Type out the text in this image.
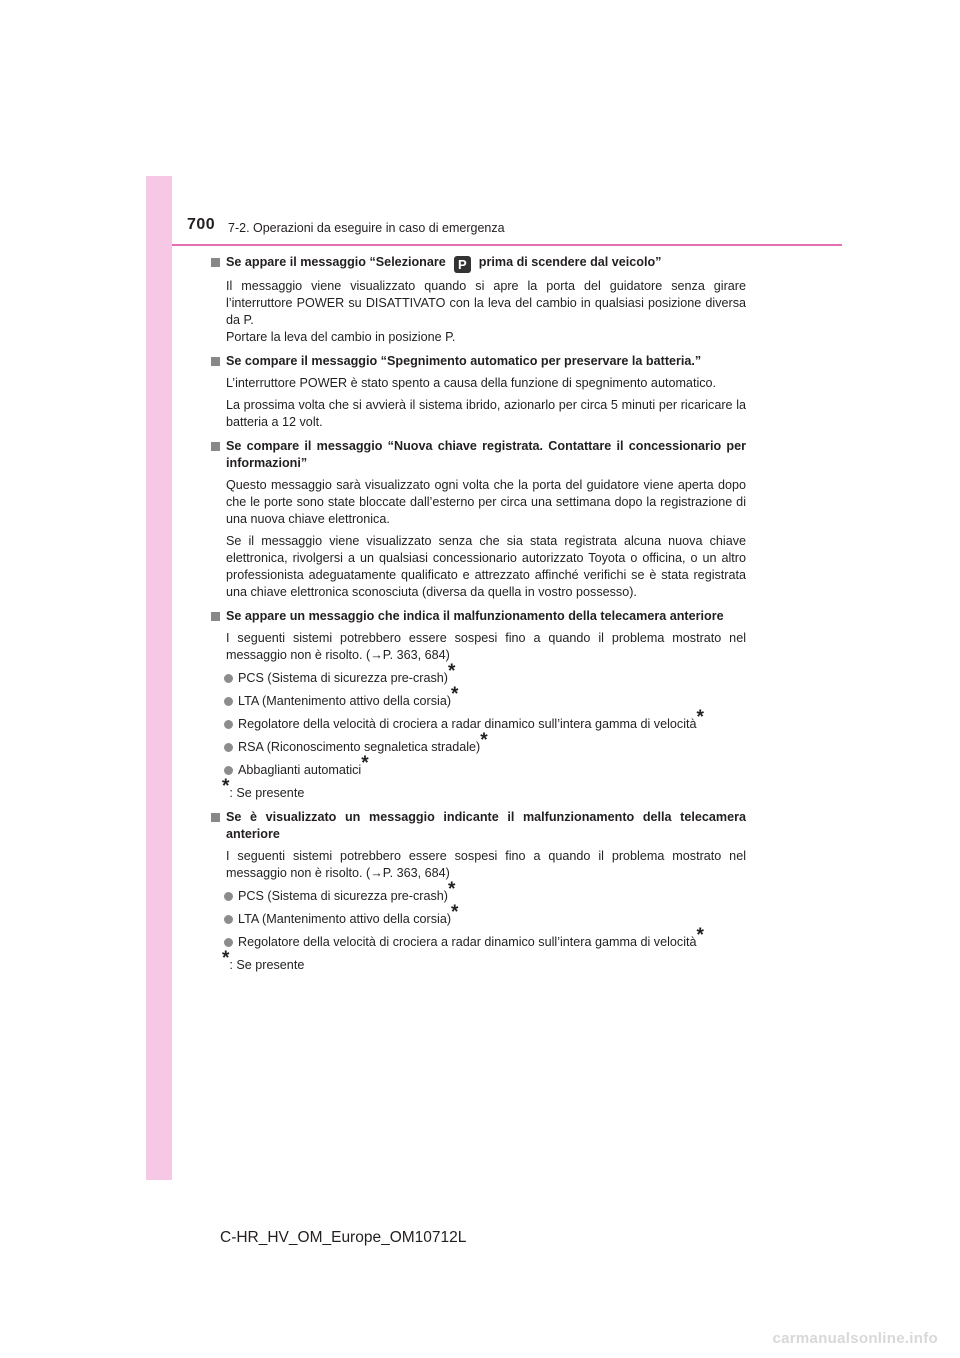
700 7-2. Operazioni da eseguire in caso di emergenza
Se appare il messaggio “Selezionare P prima di scendere dal veicolo”
Il messaggio viene visualizzato quando si apre la porta del guidatore senza girare l’interruttore POWER su DISATTIVATO con la leva del cambio in qualsiasi posizione diversa da P.
Portare la leva del cambio in posizione P.
Se compare il messaggio “Spegnimento automatico per preservare la batteria.”
L’interruttore POWER è stato spento a causa della funzione di spegnimento automatico.
La prossima volta che si avvierà il sistema ibrido, azionarlo per circa 5 minuti per ricaricare la batteria a 12 volt.
Se compare il messaggio “Nuova chiave registrata. Contattare il concessionario per informazioni”
Questo messaggio sarà visualizzato ogni volta che la porta del guidatore viene aperta dopo che le porte sono state bloccate dall’esterno per circa una settimana dopo la registrazione di una nuova chiave elettronica.
Se il messaggio viene visualizzato senza che sia stata registrata alcuna nuova chiave elettronica, rivolgersi a un qualsiasi concessionario autorizzato Toyota o officina, o un altro professionista adeguatamente qualificato e attrezzato affinché verifichi se è stata registrata una chiave elettronica sconosciuta (diversa da quella in vostro possesso).
Se appare un messaggio che indica il malfunzionamento della telecamera anteriore
I seguenti sistemi potrebbero essere sospesi fino a quando il problema mostrato nel messaggio non è risolto. (→P. 363, 684)
PCS (Sistema di sicurezza pre-crash)*
LTA (Mantenimento attivo della corsia)*
Regolatore della velocità di crociera a radar dinamico sull’intera gamma di velocità*
RSA (Riconoscimento segnaletica stradale)*
Abbaglianti automatici*
*: Se presente
Se è visualizzato un messaggio indicante il malfunzionamento della telecamera anteriore
I seguenti sistemi potrebbero essere sospesi fino a quando il problema mostrato nel messaggio non è risolto. (→P. 363, 684)
PCS (Sistema di sicurezza pre-crash)*
LTA (Mantenimento attivo della corsia)*
Regolatore della velocità di crociera a radar dinamico sull’intera gamma di velocità*
*: Se presente
C-HR_HV_OM_Europe_OM10712L
carmanualsonline.info
